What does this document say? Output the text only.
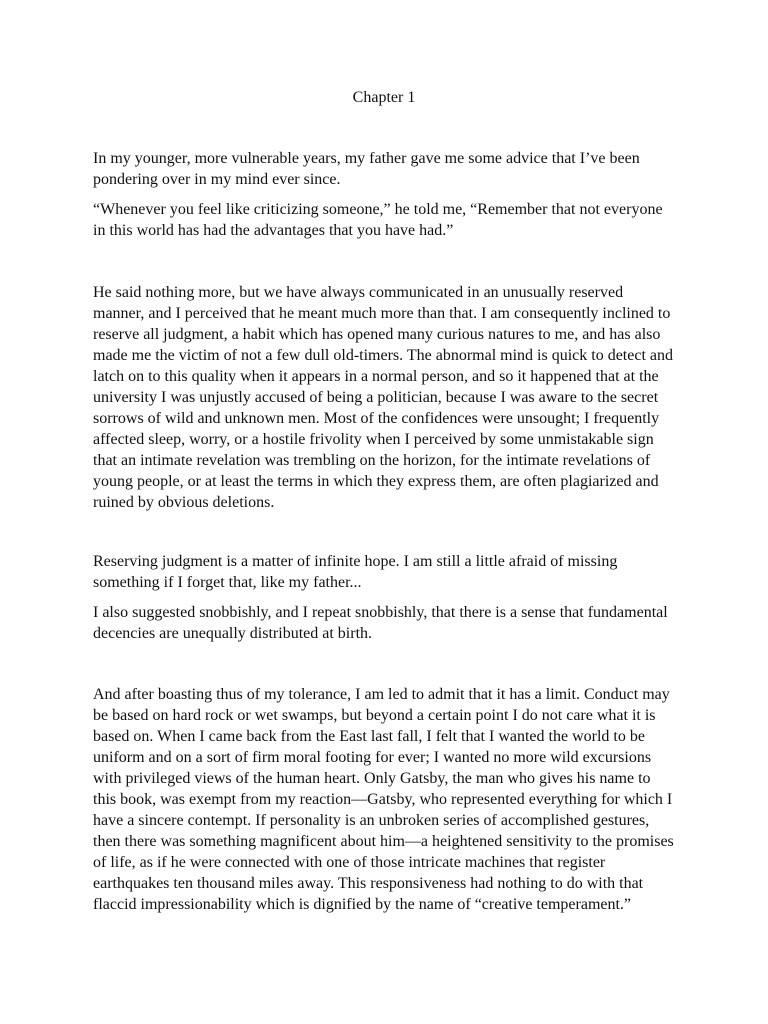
Chapter 1

In my younger, more vulnerable years, my father gave me some advice that I’ve been pondering over in my mind ever since.

“Whenever you feel like criticizing someone,” he told me, “Remember that not everyone in this world has had the advantages that you have had.”

He said nothing more, but we have always communicated in an unusually reserved manner, and I perceived that he meant much more than that. I am consequently inclined to reserve all judgment, a habit which has opened many curious natures to me, and has also made me the victim of not a few dull old-timers. The abnormal mind is quick to detect and latch on to this quality when it appears in a normal person, and so it happened that at the university I was unjustly accused of being a politician, because I was aware to the secret sorrows of wild and unknown men. Most of the confidences were unsought; I frequently affected sleep, worry, or a hostile frivolity when I perceived by some unmistakable sign that an intimate revelation was trembling on the horizon, for the intimate revelations of young people, or at least the terms in which they express them, are often plagiarized and ruined by obvious deletions.

Reserving judgment is a matter of infinite hope. I am still a little afraid of missing something if I forget that, like my father...

I also suggested snobbishly, and I repeat snobbishly, that there is a sense that fundamental decencies are unequally distributed at birth.

And after boasting thus of my tolerance, I am led to admit that it has a limit. Conduct may be based on hard rock or wet swamps, but beyond a certain point I do not care what it is based on. When I came back from the East last fall, I felt that I wanted the world to be uniform and on a sort of firm moral footing for ever; I wanted no more wild excursions with privileged views of the human heart. Only Gatsby, the man who gives his name to this book, was exempt from my reaction—Gatsby, who represented everything for which I have a sincere contempt. If personality is an unbroken series of accomplished gestures, then there was something magnificent about him—a heightened sensitivity to the promises of life, as if he were connected with one of those intricate machines that register earthquakes ten thousand miles away. This responsiveness had nothing to do with that flaccid impressionability which is dignified by the name of “creative temperament.”
